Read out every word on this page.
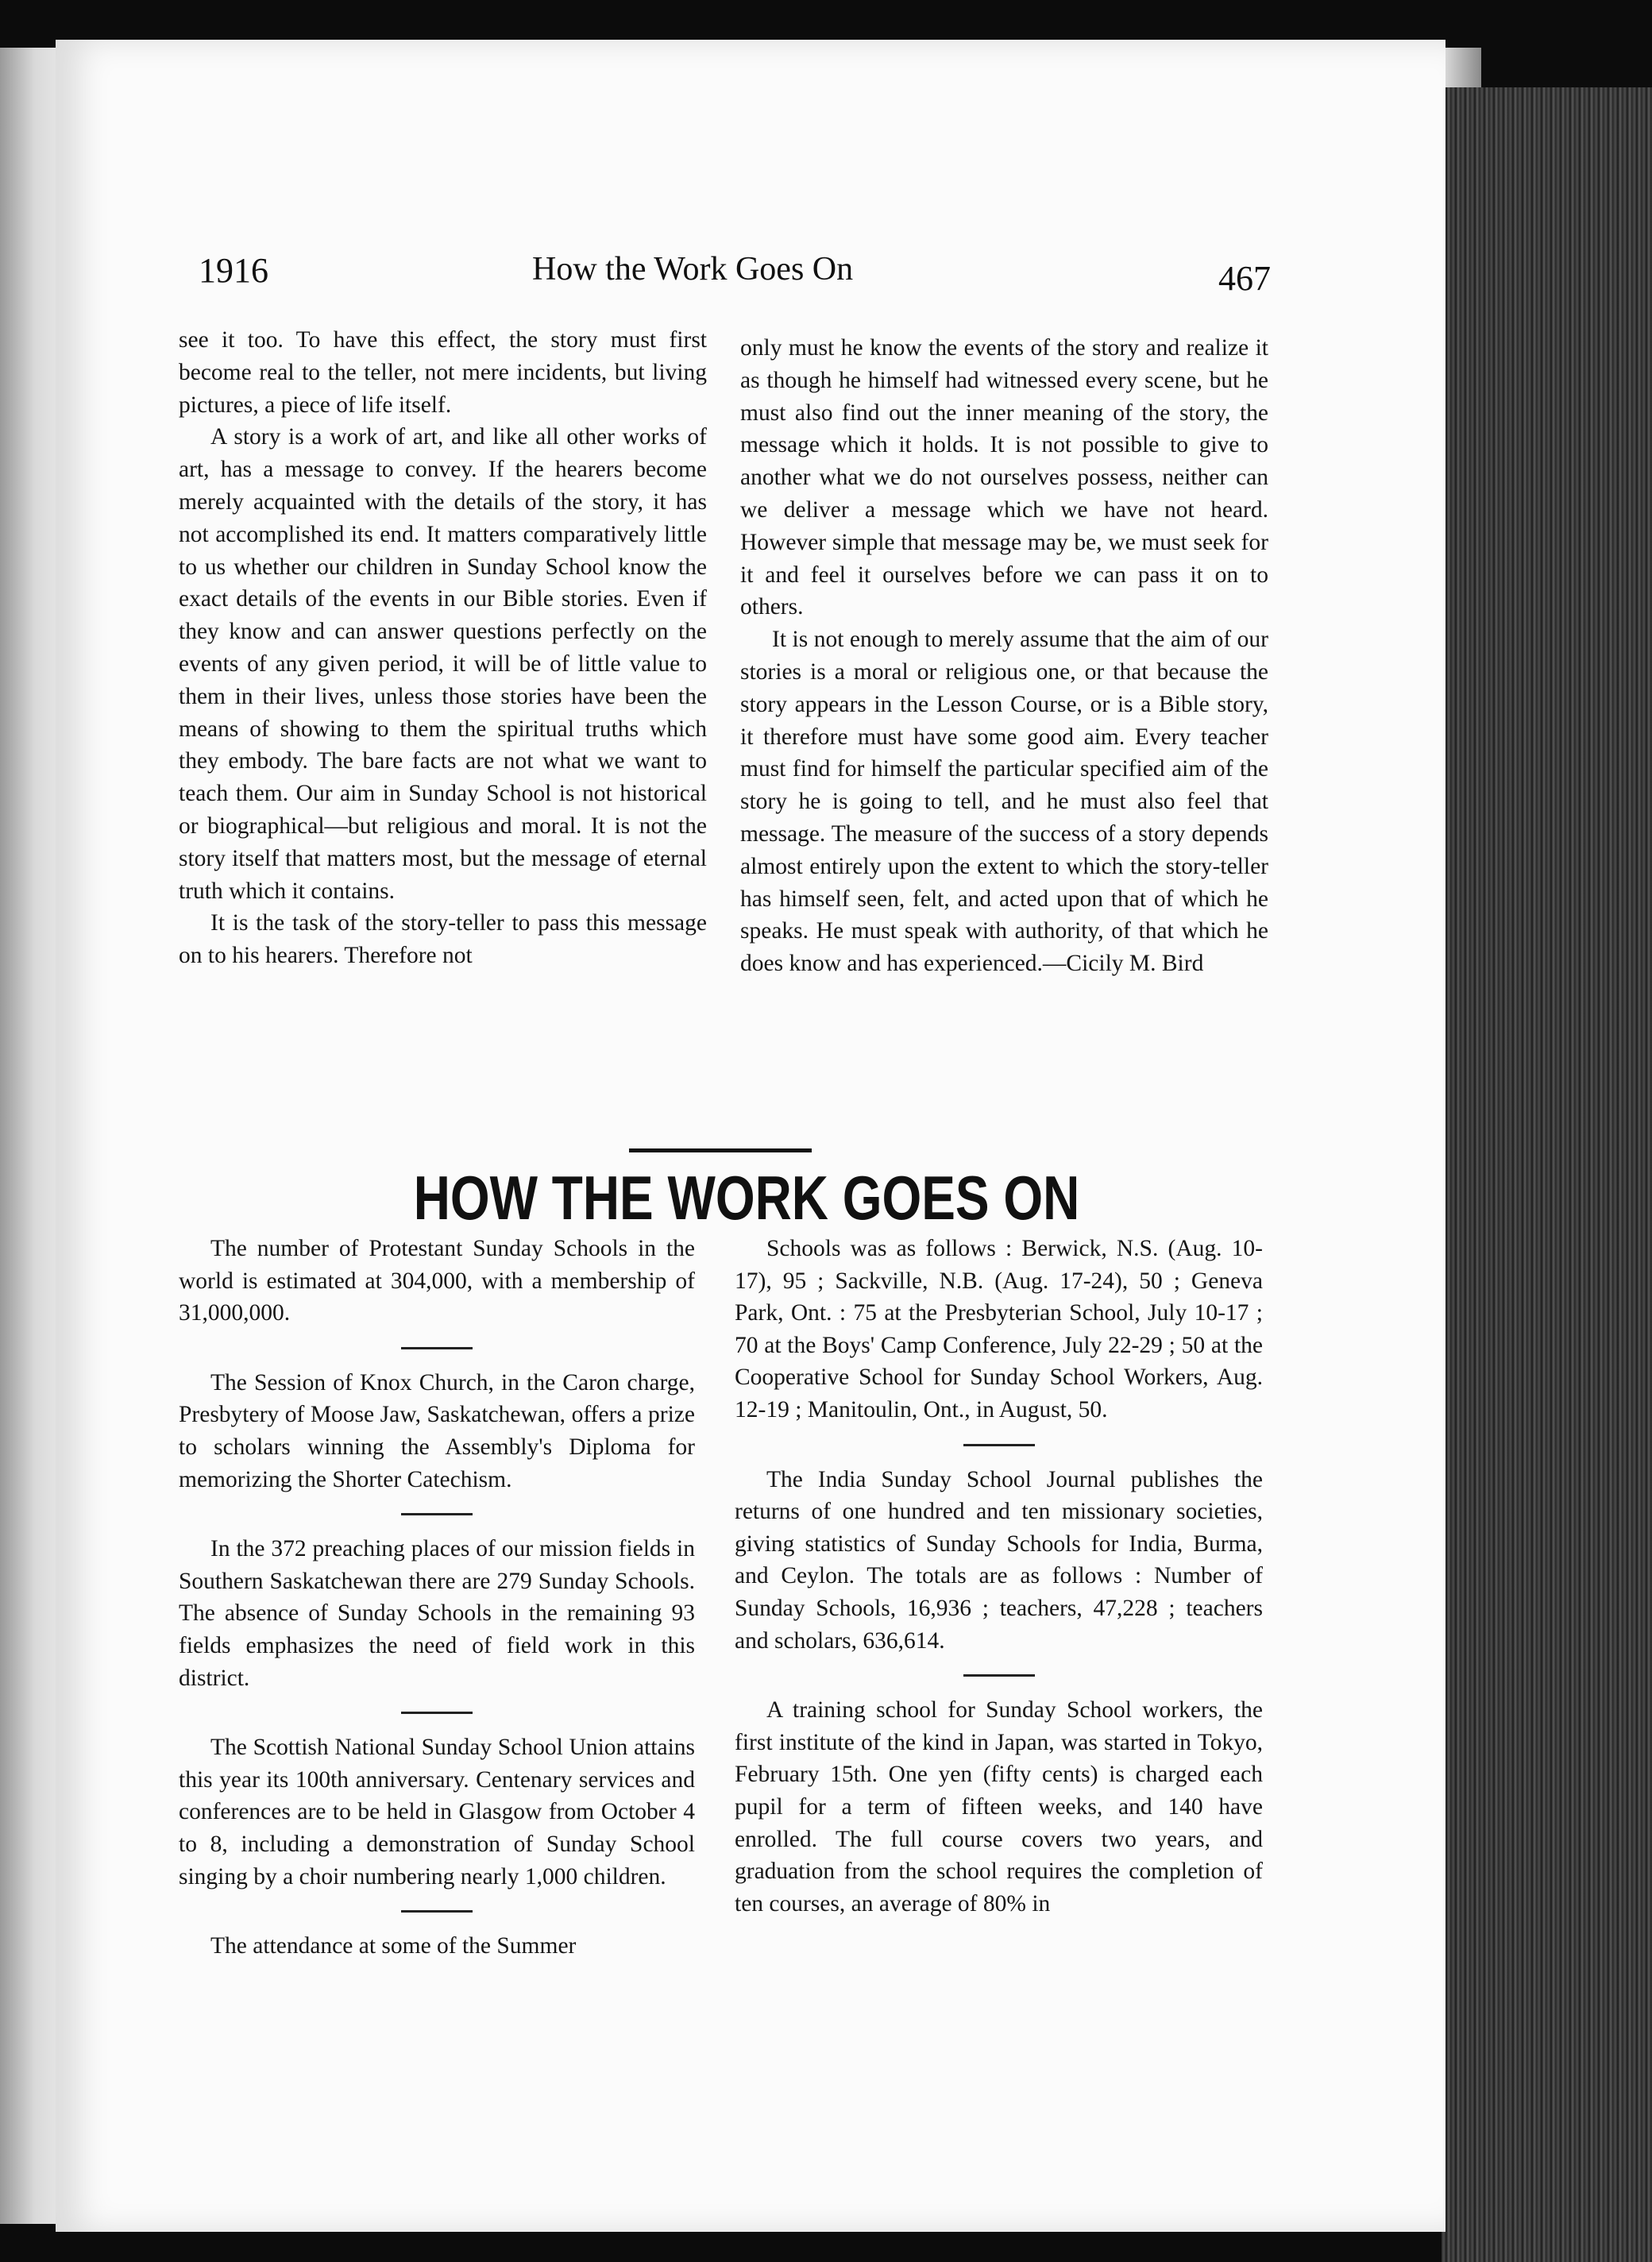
1916	How the Work Goes On	467

see it too. To have this effect, the story must first become real to the teller, not mere incidents, but living pictures, a piece of life itself.

A story is a work of art, and like all other works of art, has a message to convey. If the hearers become merely acquainted with the details of the story, it has not accomplished its end. It matters comparatively little to us whether our children in Sunday School know the exact details of the events in our Bible stories. Even if they know and can answer questions perfectly on the events of any given period, it will be of little value to them in their lives, unless those stories have been the means of showing to them the spiritual truths which they embody. The bare facts are not what we want to teach them. Our aim in Sunday School is not historical or biographical—but religious and moral. It is not the story itself that matters most, but the message of eternal truth which it contains.

It is the task of the story-teller to pass this message on to his hearers. Therefore not

only must he know the events of the story and realize it as though he himself had witnessed every scene, but he must also find out the inner meaning of the story, the message which it holds. It is not possible to give to another what we do not ourselves possess, neither can we deliver a message which we have not heard. However simple that message may be, we must seek for it and feel it ourselves before we can pass it on to others.

It is not enough to merely assume that the aim of our stories is a moral or religious one, or that because the story appears in the Lesson Course, or is a Bible story, it therefore must have some good aim. Every teacher must find for himself the particular specified aim of the story he is going to tell, and he must also feel that message. The measure of the success of a story depends almost entirely upon the extent to which the story-teller has himself seen, felt, and acted upon that of which he speaks. He must speak with authority, of that which he does know and has experienced.—Cicily M. Bird

HOW THE WORK GOES ON

The number of Protestant Sunday Schools in the world is estimated at 304,000, with a membership of 31,000,000.

The Session of Knox Church, in the Caron charge, Presbytery of Moose Jaw, Saskatchewan, offers a prize to scholars winning the Assembly's Diploma for memorizing the Shorter Catechism.

In the 372 preaching places of our mission fields in Southern Saskatchewan there are 279 Sunday Schools. The absence of Sunday Schools in the remaining 93 fields emphasizes the need of field work in this district.

The Scottish National Sunday School Union attains this year its 100th anniversary. Centenary services and conferences are to be held in Glasgow from October 4 to 8, including a demonstration of Sunday School singing by a choir numbering nearly 1,000 children.

The attendance at some of the Summer

Schools was as follows : Berwick, N.S. (Aug. 10-17), 95 ; Sackville, N.B. (Aug. 17-24), 50 ; Geneva Park, Ont. : 75 at the Presbyterian School, July 10-17 ; 70 at the Boys' Camp Conference, July 22-29 ; 50 at the Cooperative School for Sunday School Workers, Aug. 12-19 ; Manitoulin, Ont., in August, 50.

The India Sunday School Journal publishes the returns of one hundred and ten missionary societies, giving statistics of Sunday Schools for India, Burma, and Ceylon. The totals are as follows : Number of Sunday Schools, 16,936 ; teachers, 47,228 ; teachers and scholars, 636,614.

A training school for Sunday School workers, the first institute of the kind in Japan, was started in Tokyo, February 15th. One yen (fifty cents) is charged each pupil for a term of fifteen weeks, and 140 have enrolled. The full course covers two years, and graduation from the school requires the completion of ten courses, an average of 80% in
